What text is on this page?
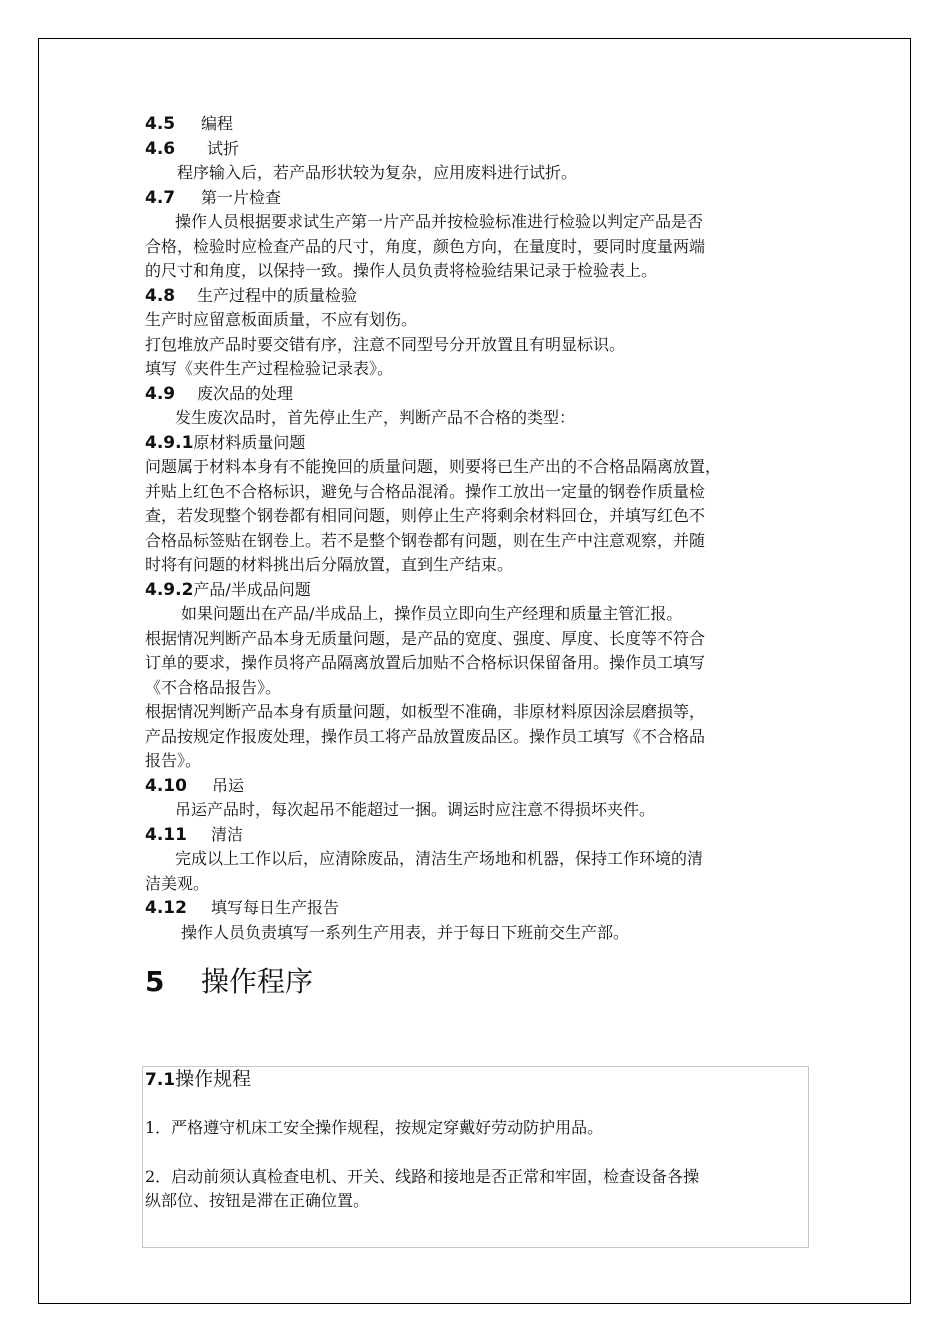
4.5 编程
4.6 试折
程序输入后，若产品形状较为复杂，应用废料进行试折。
4.7 第一片检查
操作人员根据要求试生产第一片产品并按检验标准进行检验以判定产品是否
合格，检验时应检查产品的尺寸，角度，颜色方向，在量度时，要同时度量两端
的尺寸和角度，以保持一致。操作人员负责将检验结果记录于检验表上。
4.8 生产过程中的质量检验
生产时应留意板面质量，不应有划伤。
打包堆放产品时要交错有序，注意不同型号分开放置且有明显标识。
填写《夹件生产过程检验记录表》。
4.9 废次品的处理
发生废次品时，首先停止生产，判断产品不合格的类型：
4.9.1原材料质量问题
问题属于材料本身有不能挽回的质量问题，则要将已生产出的不合格品隔离放置，
并贴上红色不合格标识，避免与合格品混淆。操作工放出一定量的钢卷作质量检
查，若发现整个钢卷都有相同问题，则停止生产将剩余材料回仓，并填写红色不
合格品标签贴在钢卷上。若不是整个钢卷都有问题，则在生产中注意观察，并随
时将有问题的材料挑出后分隔放置，直到生产结束。
4.9.2产品/半成品问题
如果问题出在产品/半成品上，操作员立即向生产经理和质量主管汇报。
根据情况判断产品本身无质量问题，是产品的宽度、强度、厚度、长度等不符合
订单的要求，操作员将产品隔离放置后加贴不合格标识保留备用。操作员工填写
《不合格品报告》。
根据情况判断产品本身有质量问题，如板型不准确，非原材料原因涂层磨损等，
产品按规定作报废处理，操作员工将产品放置废品区。操作员工填写《不合格品
报告》。
4.10 吊运
吊运产品时，每次起吊不能超过一捆。调运时应注意不得损坏夹件。
4.11 清洁
完成以上工作以后，应清除废品，清洁生产场地和机器，保持工作环境的清
洁美观。
4.12 填写每日生产报告
操作人员负责填写一系列生产用表，并于每日下班前交生产部。
5 操作程序
7.1操作规程
1．严格遵守机床工安全操作规程，按规定穿戴好劳动防护用品。
2．启动前须认真检查电机、开关、线路和接地是否正常和牢固，检查设备各操
纵部位、按钮是滞在正确位置。
